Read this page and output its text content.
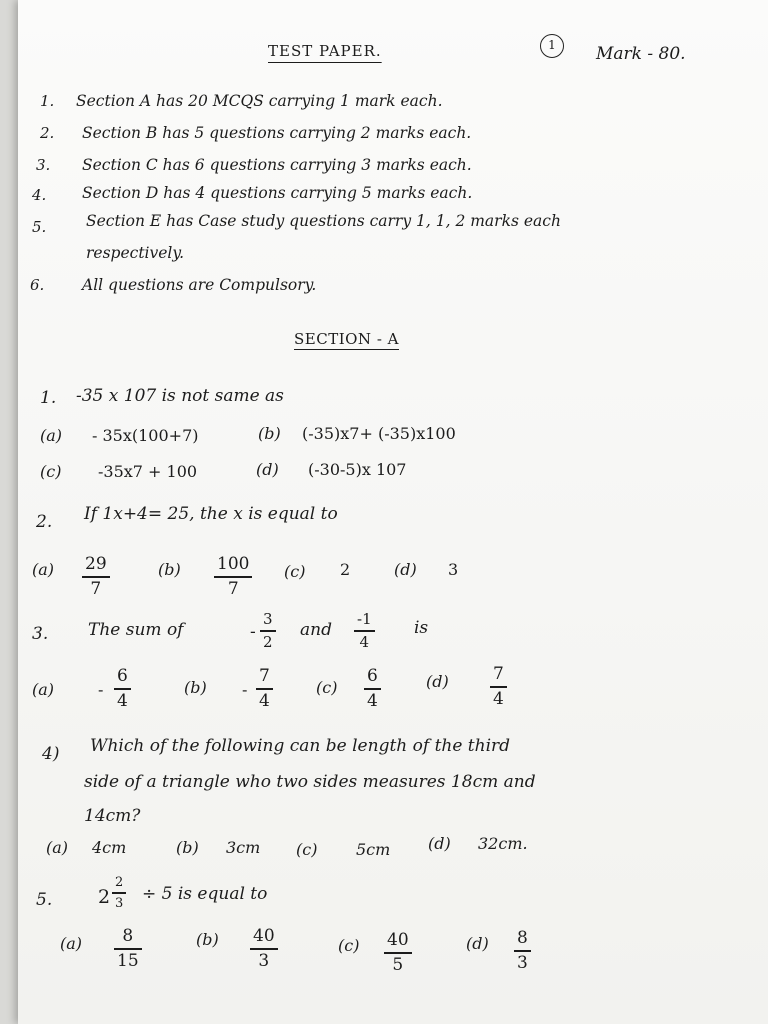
TEST PAPER.	1	Mark - 80.
1. Section A has 20 MCQS carrying 1 mark each.
2. Section B has 5 questions carrying 2 marks each.
3. Section C has 6 questions carrying 3 marks each.
4. Section D has 4 questions carrying 5 marks each.
5.	Section E has Case study questions carry 1, 1, 2 marks each
respectively.
6. All questions are Compulsory.
SECTION - A
1. -35 x 107 is not same as
(a) - 35x(100+7)	(b) (-35)x7+ (-35)x100
(c) -35x7 + 100	(d) (-30-5)x 107
2. If 1x+4= 25, the x is equal to
(a) 29
7
(b) 100
7
(c) 2	(d) 3
3. The sum of	-
3
2
and
-1
4
is
(a)	-
6
4
(b) -
7
4
(c)
6
4
(d)	7
4
4) Which of the following can be length of the third
side of a triangle who two sides measures 18cm and
14cm?
(a) 4cm	(b) 3cm (c) 5cm (d) 32cm.
5. 2
2
3 ÷ 5 is equal to
(a) 8
15
(b) 40
3
(c) 40
5
(d) 8
3
